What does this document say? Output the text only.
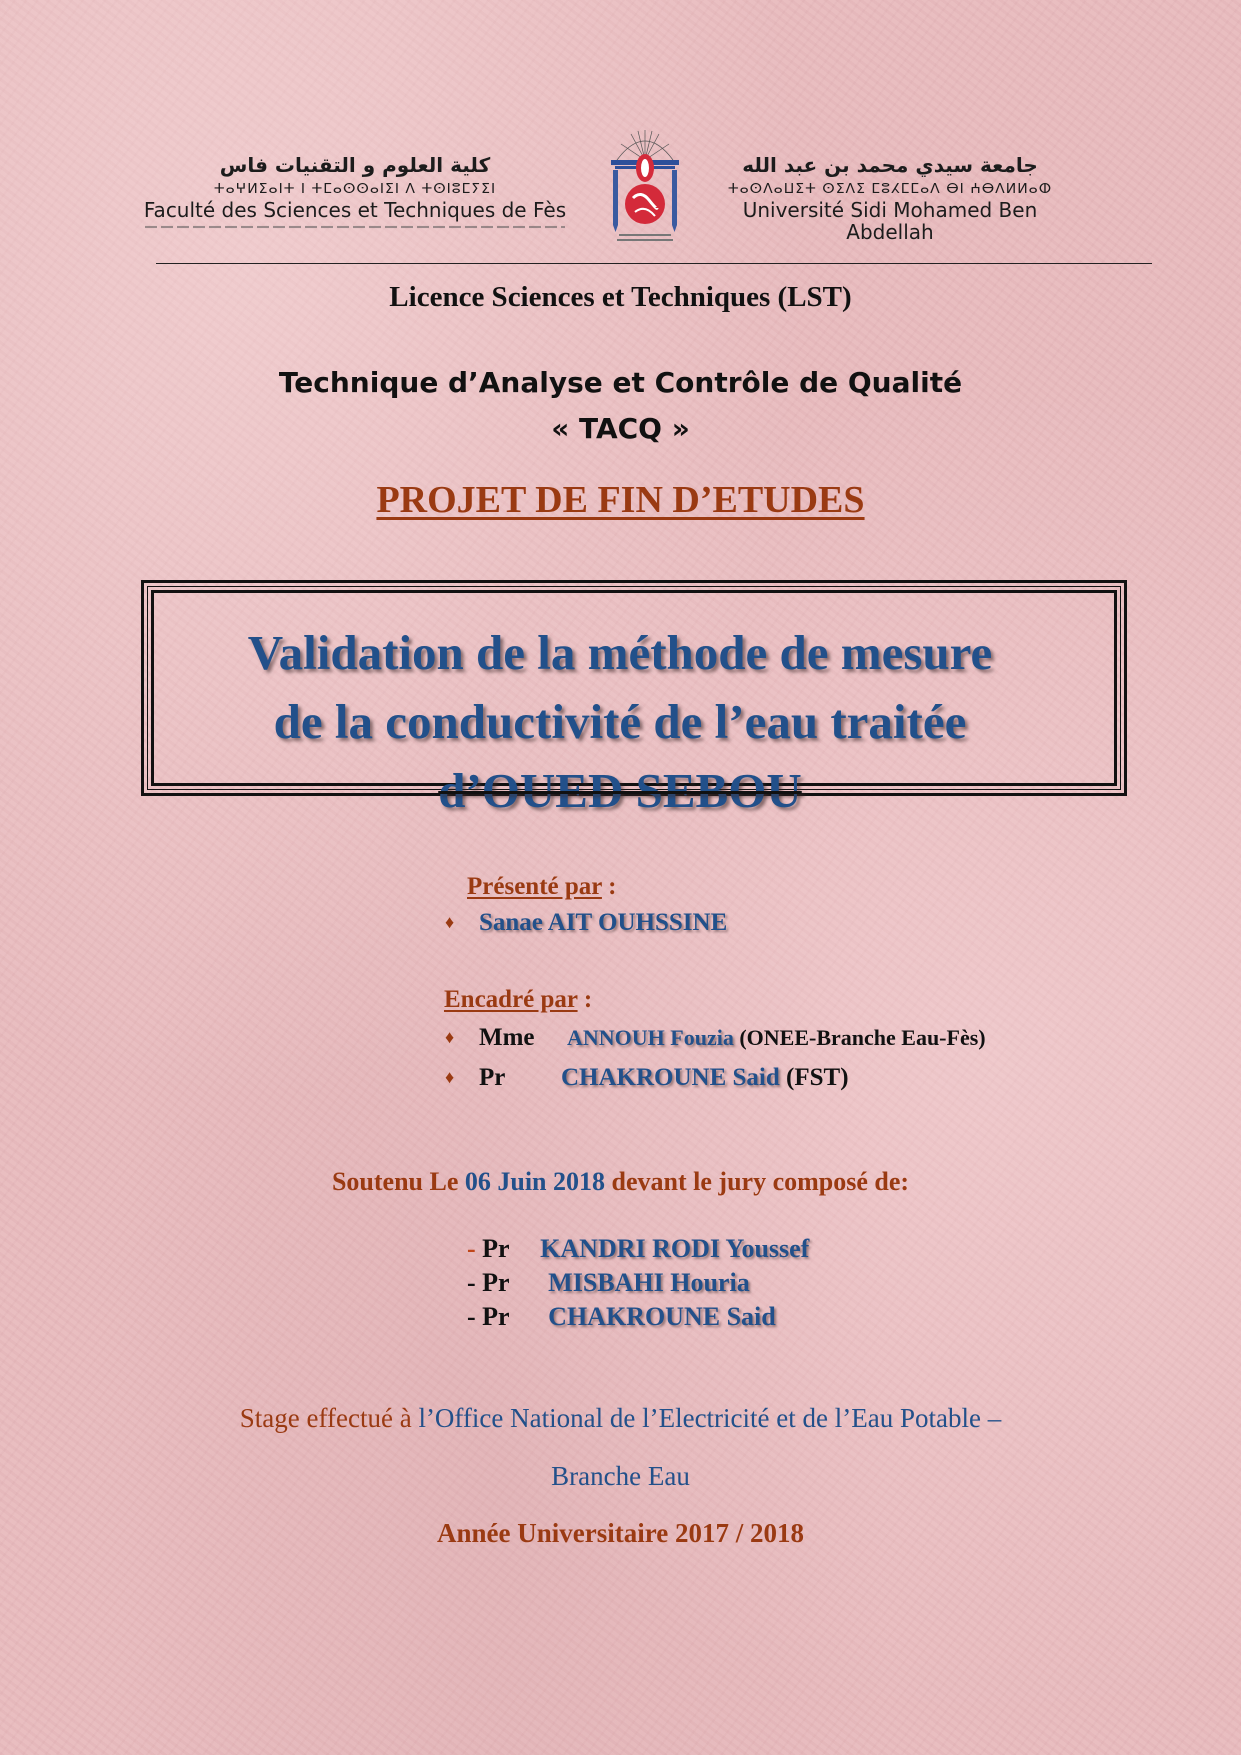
كلية العلوم و التقنيات فاس
ⵜⴰⵖⵍⵉⴰⵏⵜ ⵏ ⵜⵎⴰⵙⵙⴰⵏⵉⵏ ⴷ ⵜⵙⵏⵓⵎⵢⵉⵏ
Faculté des Sciences et Techniques de Fès
جامعة سيدي محمد بن عبد الله
ⵜⴰⵙⴷⴰⵡⵉⵜ ⵙⵉⴷⵉ ⵎⵓⵃⵎⵎⴰⴷ ⴱⵏ ⵄⴱⴷⵍⵍⴰⵀ
Université Sidi Mohamed Ben Abdellah
Licence Sciences et Techniques (LST)
Technique d’Analyse et Contrôle de Qualité
« TACQ »
PROJET DE FIN D’ETUDES
Validation de la méthode de mesure
de la conductivité de l’eau traitée
d’OUED SEBOU
Présenté par :
♦ Sanae AIT OUHSSINE
Encadré par :
♦ Mme ANNOUH Fouzia (ONEE-Branche Eau-Fès)
♦ Pr CHAKROUNE Said (FST)
Soutenu Le 06 Juin 2018 devant le jury composé de:
- Pr KANDRI RODI Youssef
- Pr MISBAHI Houria
- Pr CHAKROUNE Said
Stage effectué à l’Office National de l’Electricité et de l’Eau Potable –
Branche Eau
Année Universitaire 2017 / 2018
